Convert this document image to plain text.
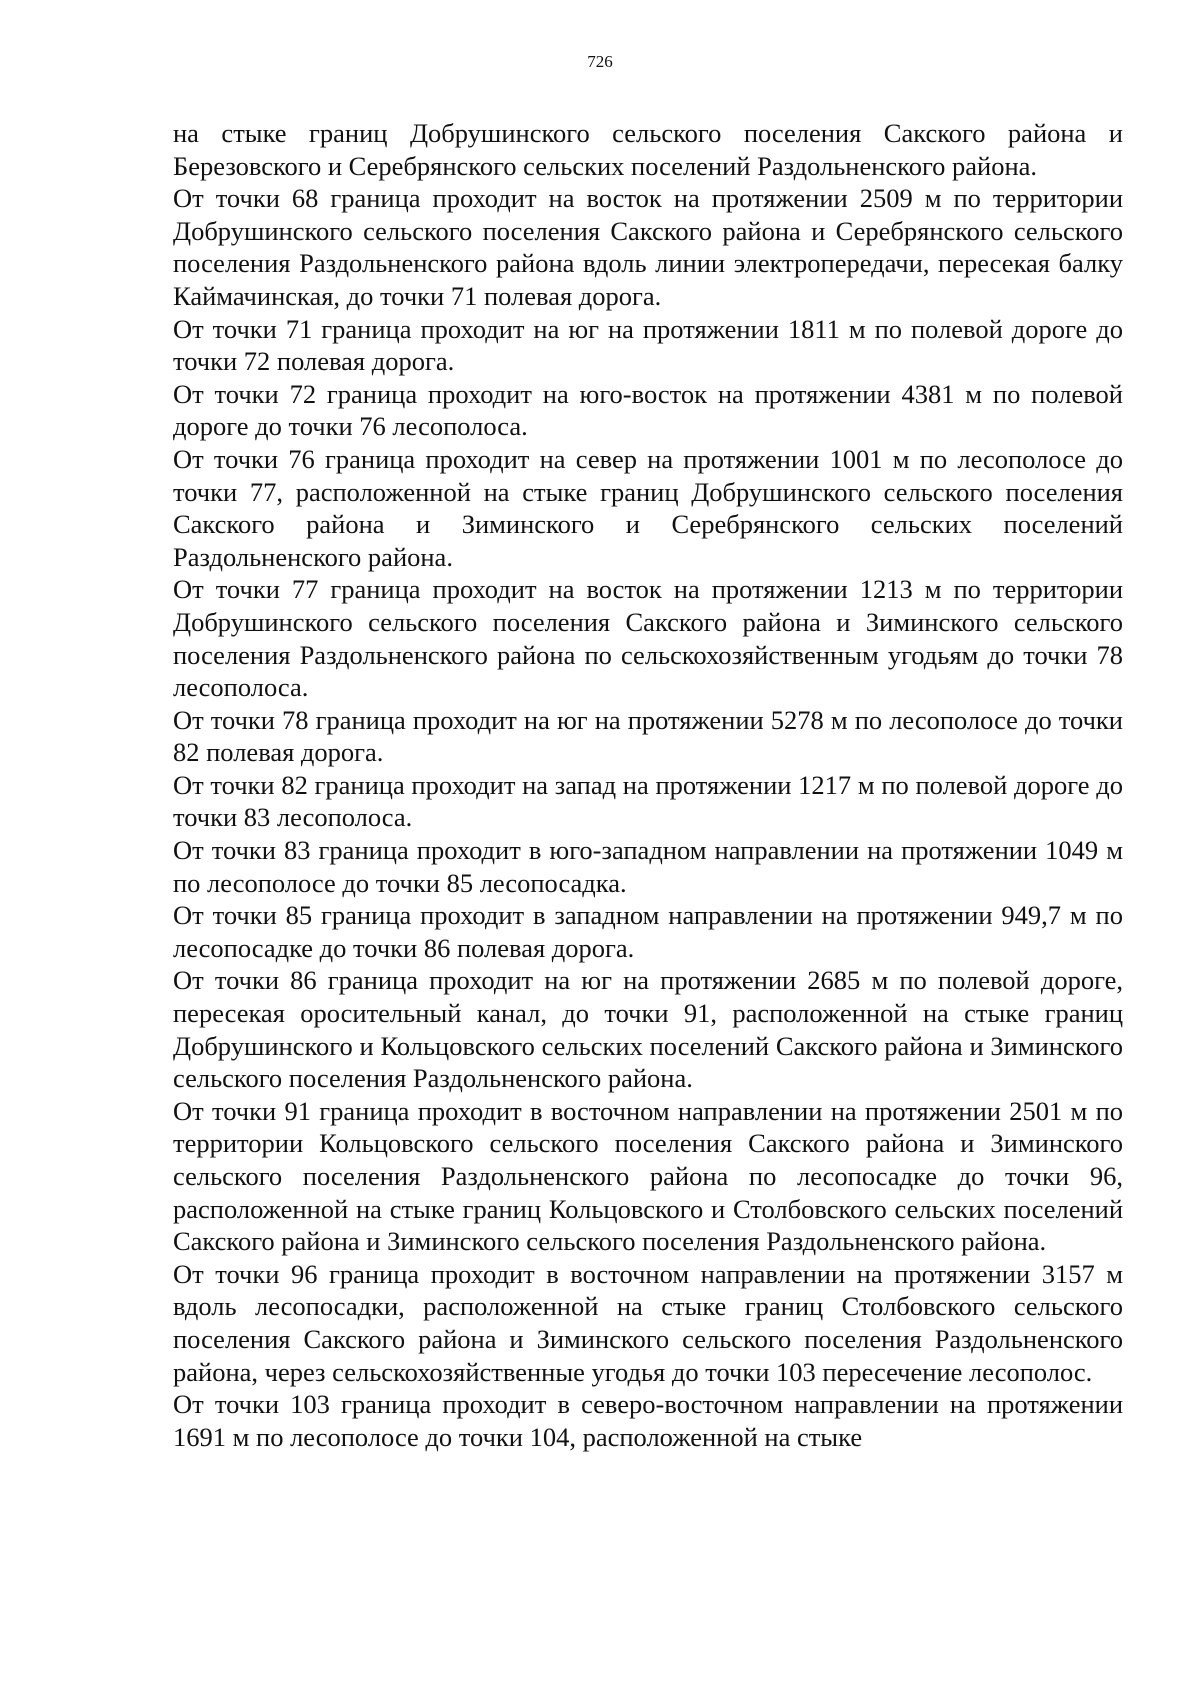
726

на стыке границ Добрушинского сельского поселения Сакского района и Березовского и Серебрянского сельских поселений Раздольненского района.

От точки 68 граница проходит на восток на протяжении 2509 м по территории Добрушинского сельского поселения Сакского района и Серебрянского сельского поселения Раздольненского района вдоль линии электропередачи, пересекая балку Каймачинская, до точки 71 полевая дорога.

От точки 71 граница проходит на юг на протяжении 1811 м по полевой дороге до точки 72 полевая дорога.

От точки 72 граница проходит на юго-восток на протяжении 4381 м по полевой дороге до точки 76 лесополоса.

От точки 76 граница проходит на север на протяжении 1001 м по лесополосе до точки 77, расположенной на стыке границ Добрушинского сельского поселения Сакского района и Зиминского и Серебрянского сельских поселений Раздольненского района.

От точки 77 граница проходит на восток на протяжении 1213 м по территории Добрушинского сельского поселения Сакского района и Зиминского сельского поселения Раздольненского района по сельскохозяйственным угодьям до точки 78 лесополоса.

От точки 78 граница проходит на юг на протяжении 5278 м по лесополосе до точки 82 полевая дорога.

От точки 82 граница проходит на запад на протяжении 1217 м по полевой дороге до точки 83 лесополоса.

От точки 83 граница проходит в юго-западном направлении на протяжении 1049 м по лесополосе до точки 85 лесопосадка.

От точки 85 граница проходит в западном направлении на протяжении 949,7 м по лесопосадке до точки 86 полевая дорога.

От точки 86 граница проходит на юг на протяжении 2685 м по полевой дороге, пересекая оросительный канал, до точки 91, расположенной на стыке границ Добрушинского и Кольцовского сельских поселений Сакского района и Зиминского сельского поселения Раздольненского района.

От точки 91 граница проходит в восточном направлении на протяжении 2501 м по территории Кольцовского сельского поселения Сакского района и Зиминского сельского поселения Раздольненского района по лесопосадке до точки 96, расположенной на стыке границ Кольцовского и Столбовского сельских поселений Сакского района и Зиминского сельского поселения Раздольненского района.

От точки 96 граница проходит в восточном направлении на протяжении 3157 м вдоль лесопосадки, расположенной на стыке границ Столбовского сельского поселения Сакского района и Зиминского сельского поселения Раздольненского района, через сельскохозяйственные угодья до точки 103 пересечение лесополос.

От точки 103 граница проходит в северо-восточном направлении на протяжении 1691 м по лесополосе до точки 104, расположенной на стыке
